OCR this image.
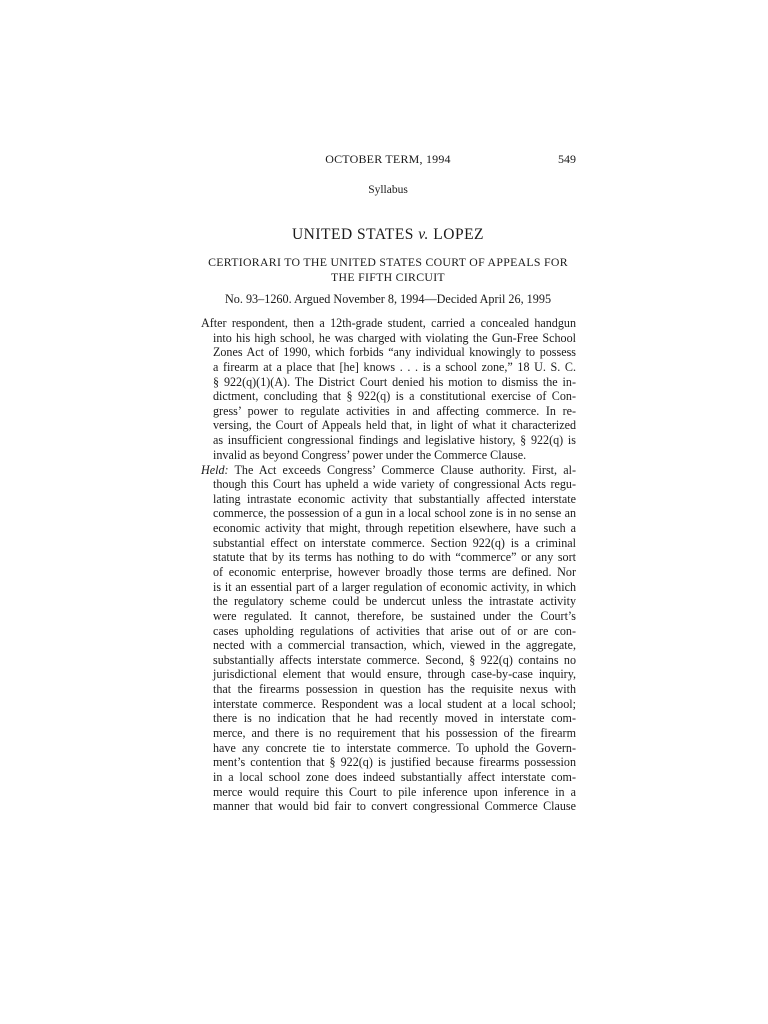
OCTOBER TERM, 1994	549
Syllabus
UNITED STATES v. LOPEZ
CERTIORARI TO THE UNITED STATES COURT OF APPEALS FOR
THE FIFTH CIRCUIT
No. 93–1260. Argued November 8, 1994—Decided April 26, 1995
After respondent, then a 12th-grade student, carried a concealed handgun
into his high school, he was charged with violating the Gun-Free School
Zones Act of 1990, which forbids “any individual knowingly to possess
a firearm at a place that [he] knows . . . is a school zone,” 18 U. S. C.
§ 922(q)(1)(A). The District Court denied his motion to dismiss the in-
dictment, concluding that § 922(q) is a constitutional exercise of Con-
gress’ power to regulate activities in and affecting commerce. In re-
versing, the Court of Appeals held that, in light of what it characterized
as insufficient congressional findings and legislative history, § 922(q) is
invalid as beyond Congress’ power under the Commerce Clause.
Held: The Act exceeds Congress’ Commerce Clause authority. First, al-
though this Court has upheld a wide variety of congressional Acts regu-
lating intrastate economic activity that substantially affected interstate
commerce, the possession of a gun in a local school zone is in no sense an
economic activity that might, through repetition elsewhere, have such a
substantial effect on interstate commerce. Section 922(q) is a criminal
statute that by its terms has nothing to do with “commerce” or any sort
of economic enterprise, however broadly those terms are defined. Nor
is it an essential part of a larger regulation of economic activity, in which
the regulatory scheme could be undercut unless the intrastate activity
were regulated. It cannot, therefore, be sustained under the Court’s
cases upholding regulations of activities that arise out of or are con-
nected with a commercial transaction, which, viewed in the aggregate,
substantially affects interstate commerce. Second, § 922(q) contains no
jurisdictional element that would ensure, through case-by-case inquiry,
that the firearms possession in question has the requisite nexus with
interstate commerce. Respondent was a local student at a local school;
there is no indication that he had recently moved in interstate com-
merce, and there is no requirement that his possession of the firearm
have any concrete tie to interstate commerce. To uphold the Govern-
ment’s contention that § 922(q) is justified because firearms possession
in a local school zone does indeed substantially affect interstate com-
merce would require this Court to pile inference upon inference in a
manner that would bid fair to convert congressional Commerce Clause
